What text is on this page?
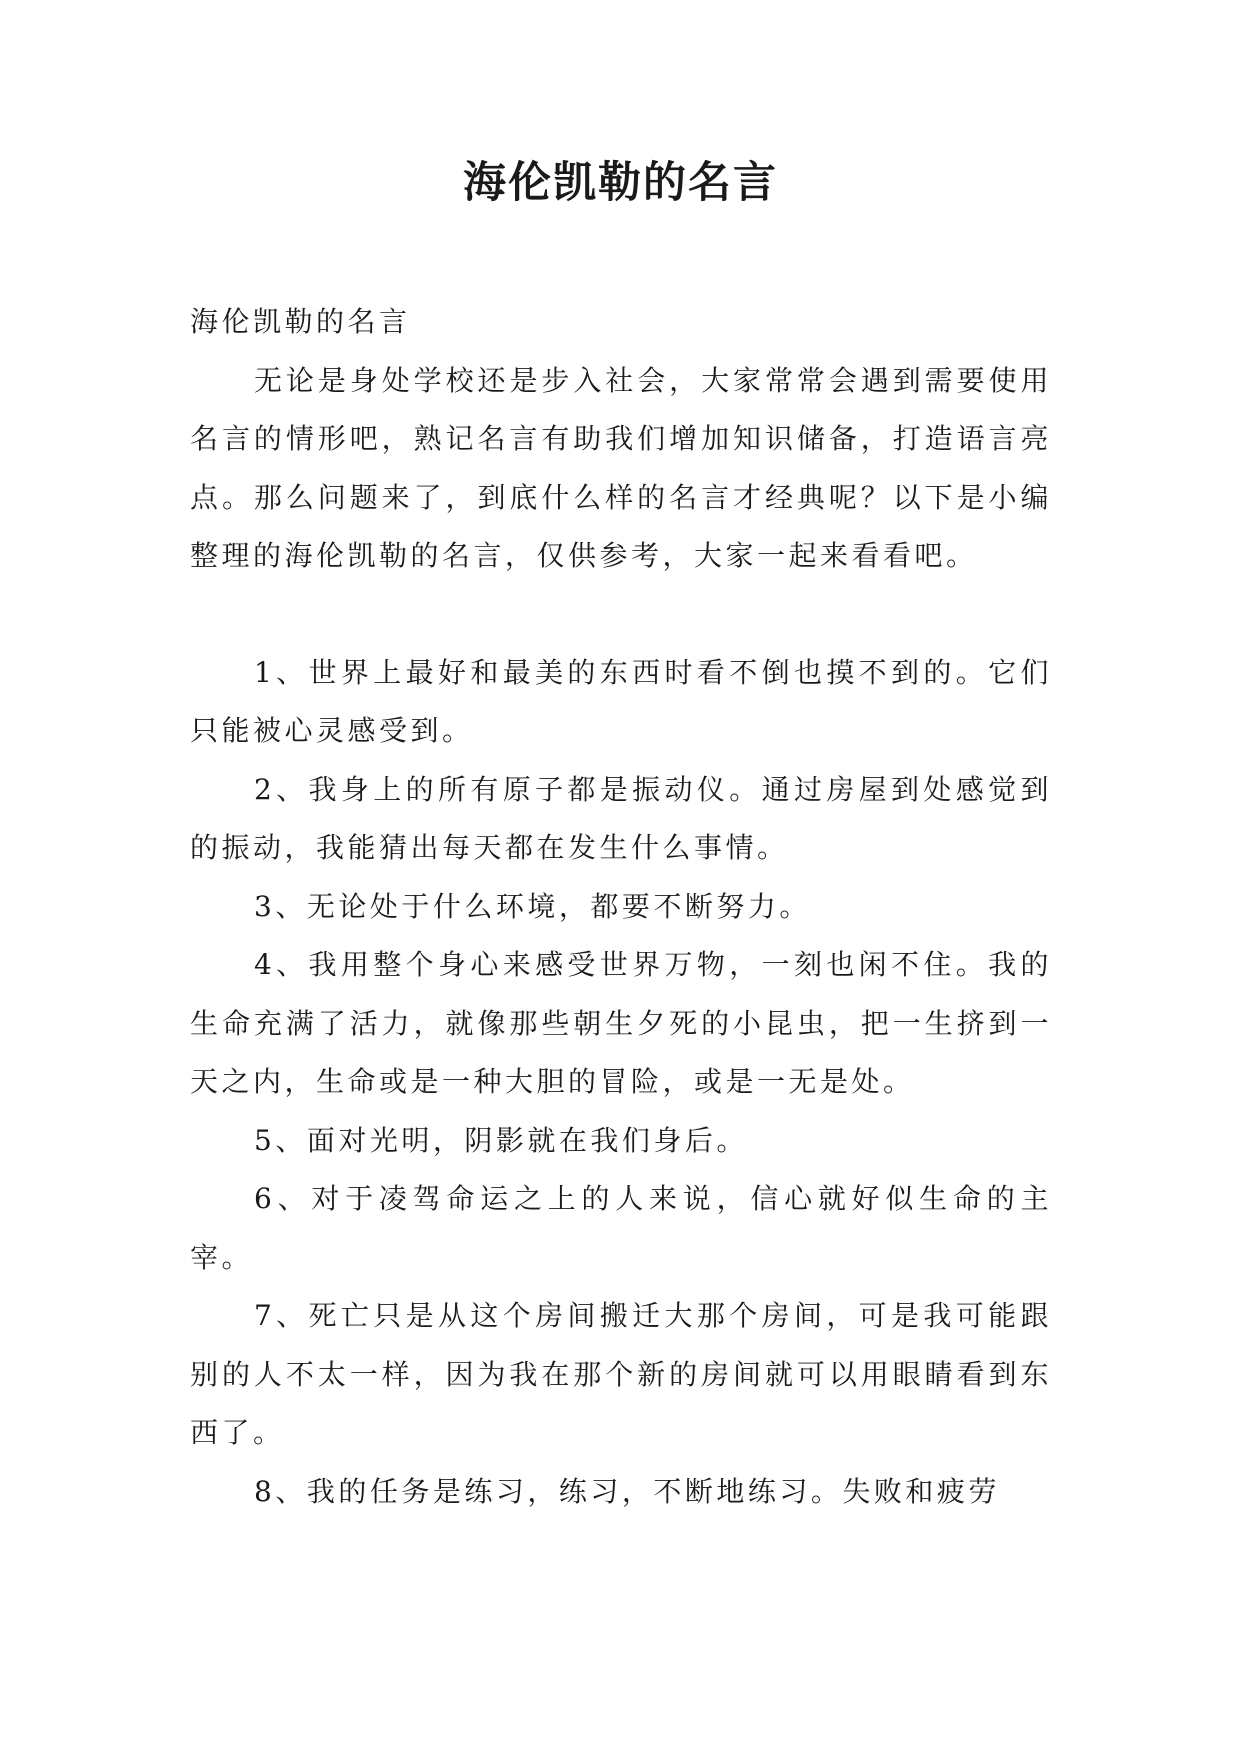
海伦凯勒的名言

海伦凯勒的名言

无论是身处学校还是步入社会，大家常常会遇到需要使用名言的情形吧，熟记名言有助我们增加知识储备，打造语言亮点。那么问题来了，到底什么样的名言才经典呢？以下是小编整理的海伦凯勒的名言，仅供参考，大家一起来看看吧。

1、世界上最好和最美的东西时看不倒也摸不到的。它们只能被心灵感受到。

2、我身上的所有原子都是振动仪。通过房屋到处感觉到的振动，我能猜出每天都在发生什么事情。

3、无论处于什么环境，都要不断努力。

4、我用整个身心来感受世界万物，一刻也闲不住。我的生命充满了活力，就像那些朝生夕死的小昆虫，把一生挤到一天之内，生命或是一种大胆的冒险，或是一无是处。

5、面对光明，阴影就在我们身后。

6、对于凌驾命运之上的人来说，信心就好似生命的主宰。

7、死亡只是从这个房间搬迁大那个房间，可是我可能跟别的人不太一样，因为我在那个新的房间就可以用眼睛看到东西了。

8、我的任务是练习，练习，不断地练习。失败和疲劳
